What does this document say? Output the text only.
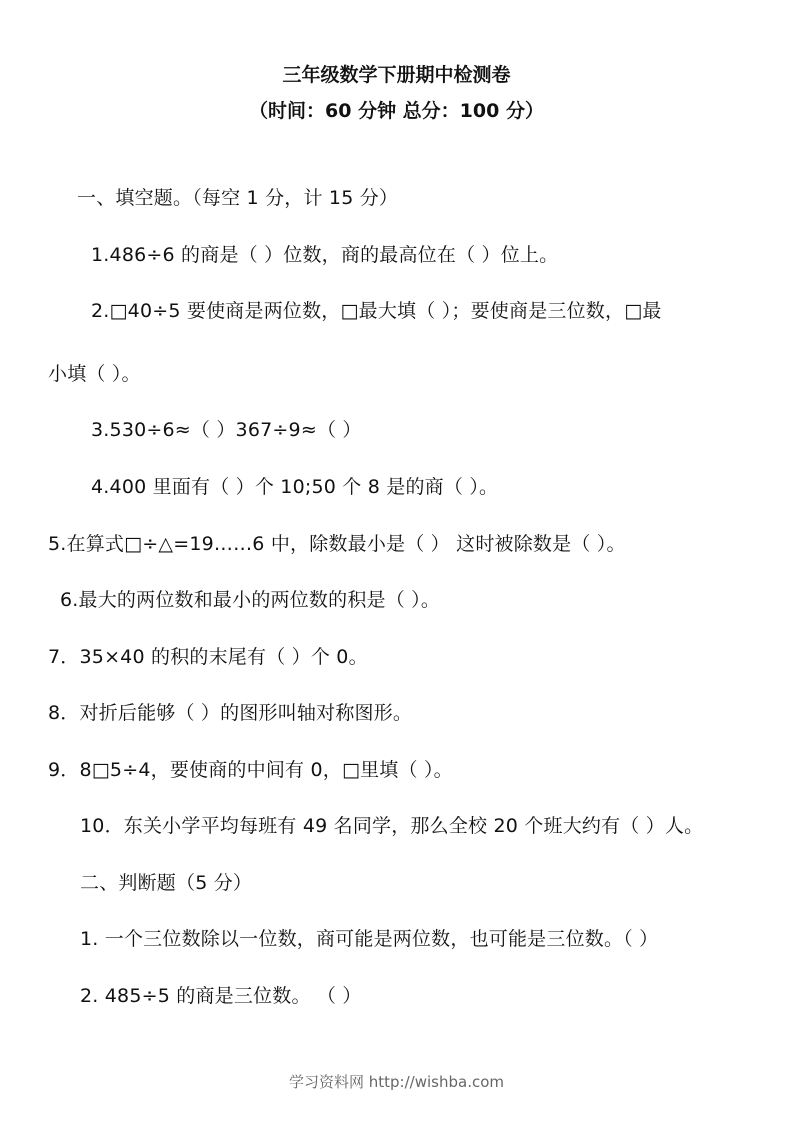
三年级数学下册期中检测卷
（时间：60 分钟 总分：100 分）
一、填空题。（每空 1 分，计 15 分）
1.486÷6 的商是（ ）位数，商的最高位在（ ）位上。
2.□40÷5 要使商是两位数，□最大填（ ）；要使商是三位数，□最
小填（ ）。
3.530÷6≈（ ）367÷9≈（ ）
4.400 里面有（ ）个 10;50 个 8 是的商（ ）。
5.在算式□÷△=19……6 中，除数最小是（ ） 这时被除数是（ ）。
6.最大的两位数和最小的两位数的积是（ ）。
7．35×40 的积的末尾有（ ）个 0。
8．对折后能够（ ）的图形叫轴对称图形。
9．8□5÷4，要使商的中间有 0，□里填（ ）。
10．东关小学平均每班有 49 名同学，那么全校 20 个班大约有（ ）人。
二、判断题（5 分）
1. 一个三位数除以一位数，商可能是两位数，也可能是三位数。（ ）
2. 485÷5 的商是三位数。 （ ）
学习资料网 http://wishba.com
